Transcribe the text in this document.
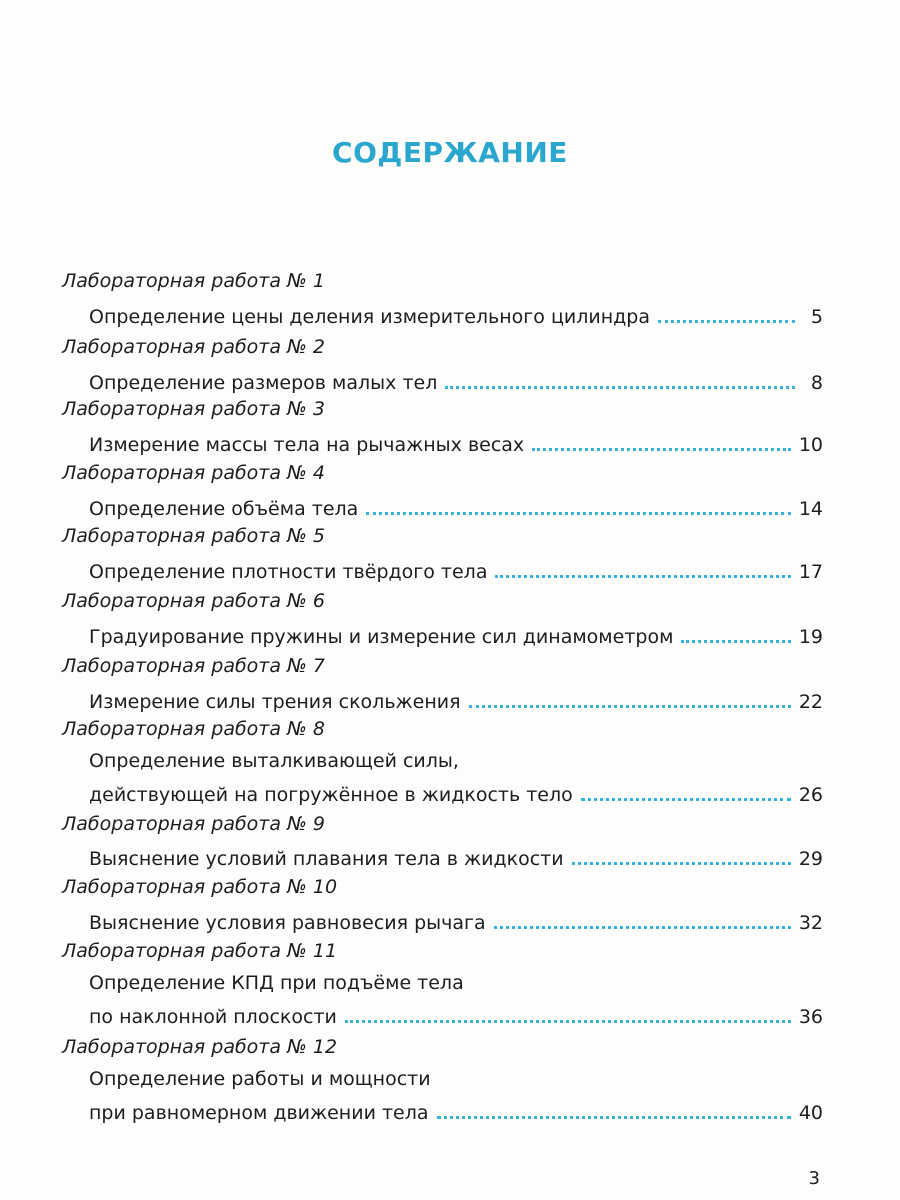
СОДЕРЖАНИЕ
Лабораторная работа № 1
Определение цены деления измерительного цилиндра	5
Лабораторная работа № 2
Определение размеров малых тел	8
Лабораторная работа № 3
Измерение массы тела на рычажных весах	10
Лабораторная работа № 4
Определение объёма тела	14
Лабораторная работа № 5
Определение плотности твёрдого тела	17
Лабораторная работа № 6
Градуирование пружины и измерение сил динамометром	19
Лабораторная работа № 7
Измерение силы трения скольжения	22
Лабораторная работа № 8
Определение выталкивающей силы,
действующей на погружённое в жидкость тело	26
Лабораторная работа № 9
Выяснение условий плавания тела в жидкости	29
Лабораторная работа № 10
Выяснение условия равновесия рычага	32
Лабораторная работа № 11
Определение КПД при подъёме тела
по наклонной плоскости	36
Лабораторная работа № 12
Определение работы и мощности
при равномерном движении тела	40
3
